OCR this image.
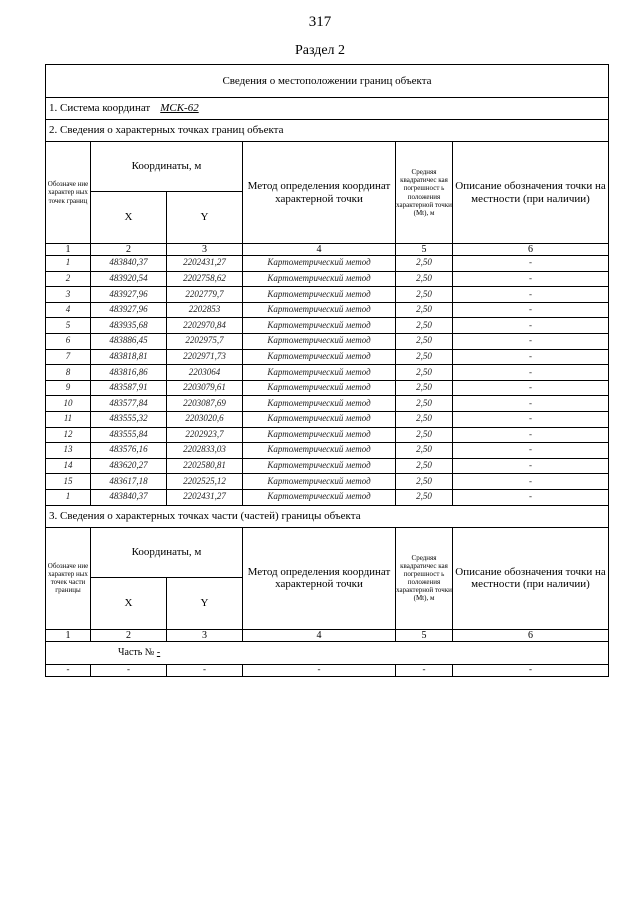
317
Раздел 2
Сведения о местоположении границ объекта					
1. Система координат МСК-62					
2. Сведения о характерных точках границ объекта					
Обозначе ние характер ных точек границ	Координаты, м		Метод определения координат характерной точки	Средняя квадратичес кая погрешност ь положения характерной точки (Mt), м	Описание обозначения точки на местности (при наличии)
	X	Y			
1	2	3	4	5	6
1	483840,37	2202431,27	Картометрический метод	2,50	-
2	483920,54	2202758,62	Картометрический метод	2,50	-
3	483927,96	2202779,7	Картометрический метод	2,50	-
4	483927,96	2202853	Картометрический метод	2,50	-
5	483935,68	2202970,84	Картометрический метод	2,50	-
6	483886,45	2202975,7	Картометрический метод	2,50	-
7	483818,81	2202971,73	Картометрический метод	2,50	-
8	483816,86	2203064	Картометрический метод	2,50	-
9	483587,91	2203079,61	Картометрический метод	2,50	-
10	483577,84	2203087,69	Картометрический метод	2,50	-
11	483555,32	2203020,6	Картометрический метод	2,50	-
12	483555,84	2202923,7	Картометрический метод	2,50	-
13	483576,16	2202833,03	Картометрический метод	2,50	-
14	483620,27	2202580,81	Картометрический метод	2,50	-
15	483617,18	2202525,12	Картометрический метод	2,50	-
1	483840,37	2202431,27	Картометрический метод	2,50	-
3. Сведения о характерных точках части (частей) границы объекта					
Обозначе ние характер ных точек части границы	Координаты, м		Метод определения координат характерной точки	Средняя квадратичес кая погрешност ь положения характерной точки (Mt), м	Описание обозначения точки на местности (при наличии)
	X	Y			
1	2	3	4	5	6
Часть № -					
-	-	-	-	-	-
